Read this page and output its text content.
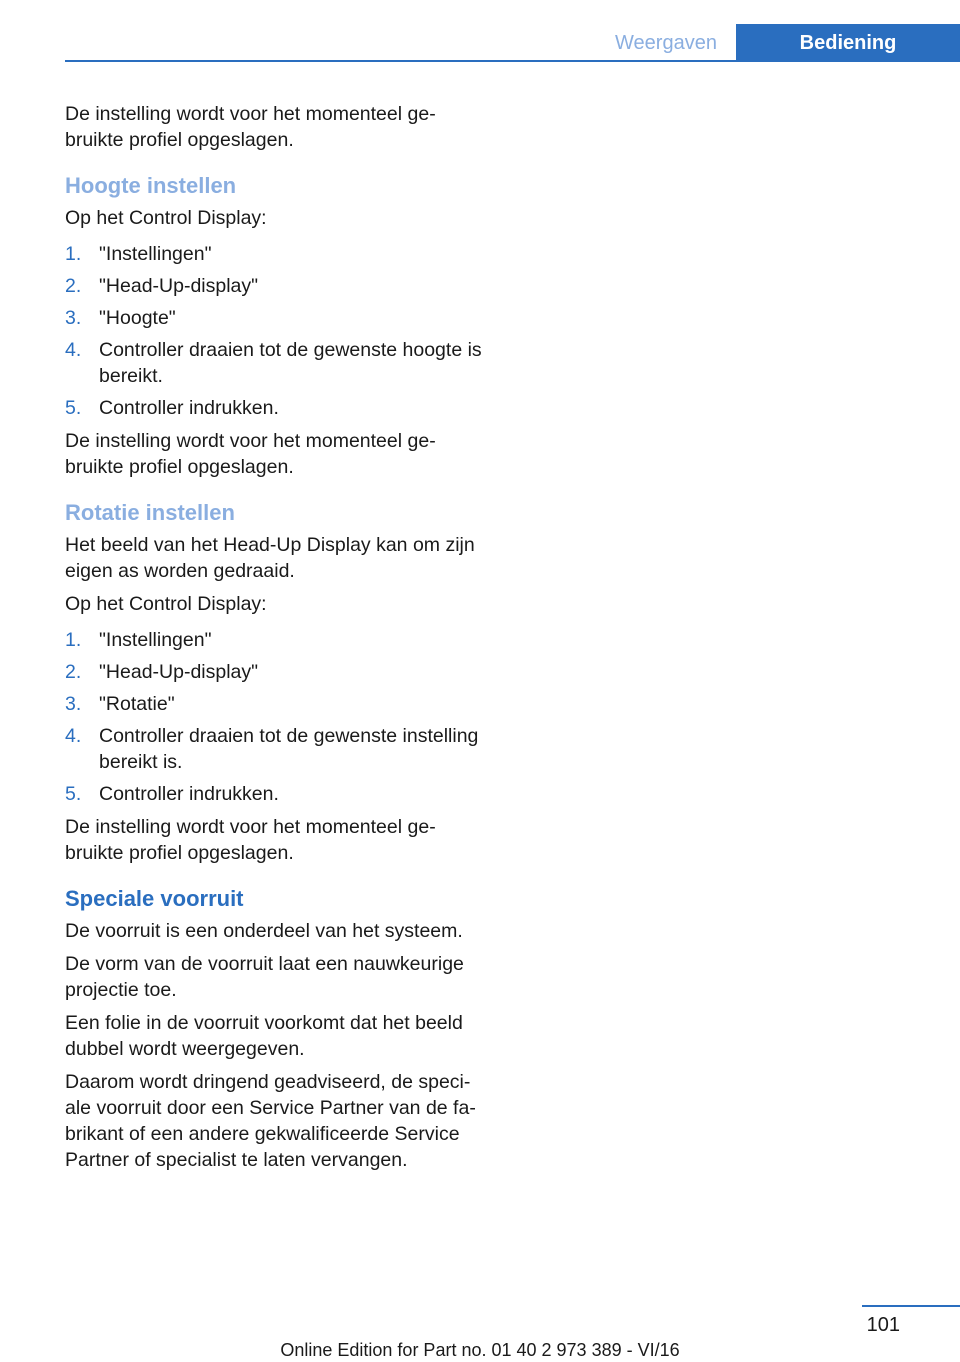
Weergaven	Bediening

De instelling wordt voor het momenteel gebruikte profiel opgeslagen.

Hoogte instellen

Op het Control Display:

1. "Instellingen"
2. "Head-Up-display"
3. "Hoogte"
4. Controller draaien tot de gewenste hoogte is bereikt.
5. Controller indrukken.

De instelling wordt voor het momenteel gebruikte profiel opgeslagen.

Rotatie instellen

Het beeld van het Head-Up Display kan om zijn eigen as worden gedraaid.

Op het Control Display:

1. "Instellingen"
2. "Head-Up-display"
3. "Rotatie"
4. Controller draaien tot de gewenste instelling bereikt is.
5. Controller indrukken.

De instelling wordt voor het momenteel gebruikte profiel opgeslagen.

Speciale voorruit

De voorruit is een onderdeel van het systeem.

De vorm van de voorruit laat een nauwkeurige projectie toe.

Een folie in de voorruit voorkomt dat het beeld dubbel wordt weergegeven.

Daarom wordt dringend geadviseerd, de speciale voorruit door een Service Partner van de fabrikant of een andere gekwalificeerde Service Partner of specialist te laten vervangen.

101
Online Edition for Part no. 01 40 2 973 389 - VI/16
